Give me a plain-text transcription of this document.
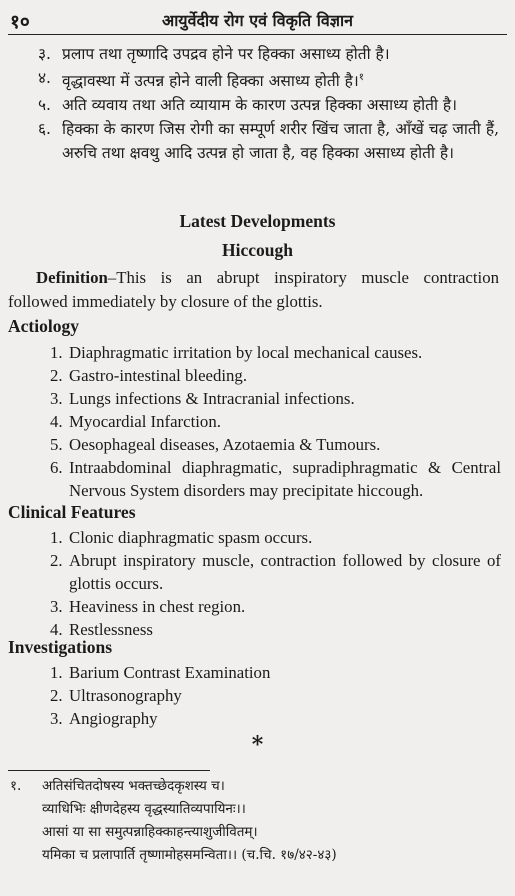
१०	आयुर्वेदीय रोग एवं विकृति विज्ञान
३. प्रलाप तथा तृष्णादि उपद्रव होने पर हिक्का असाध्य होती है।
४. वृद्धावस्था में उत्पन्न होने वाली हिक्का असाध्य होती है।$^१$
५. अति व्यवाय तथा अति व्यायाम के कारण उत्पन्न हिक्का असाध्य होती है।
६. हिक्का के कारण जिस रोगी का सम्पूर्ण शरीर खिंच जाता है, आँखें चढ़ जाती हैं, अरुचि तथा क्षवथु आदि उत्पन्न हो जाता है, वह हिक्का असाध्य होती है।
Latest Developments
Hiccough
Definition–This is an abrupt inspiratory muscle contraction followed immediately by closure of the glottis.
Actiology
1. Diaphragmatic irritation by local mechanical causes.
2. Gastro-intestinal bleeding.
3. Lungs infections & Intracranial infections.
4. Myocardial Infarction.
5. Oesophageal diseases, Azotaemia & Tumours.
6. Intraabdominal diaphragmatic, supradiphragmatic & Central Nervous System disorders may precipitate hiccough.
Clinical Features
1. Clonic diaphragmatic spasm occurs.
2. Abrupt inspiratory muscle, contraction followed by closure of glottis occurs.
3. Heaviness in chest region.
4. Restlessness
Investigations
1. Barium Contrast Examination
2. Ultrasonography
3. Angiography
*
१.	अतिसंचितदोषस्य भक्तच्छेदकृशस्य च।
व्याधिभिः क्षीणदेहस्य वृद्धस्यातिव्यपायिनः।।
आसां या सा समुत्पन्नाहिक्काहन्त्याशुजीवितम्।
यमिका च प्रलापार्ति तृष्णामोहसमन्विता।। (च.चि. १७/४२-४३)
